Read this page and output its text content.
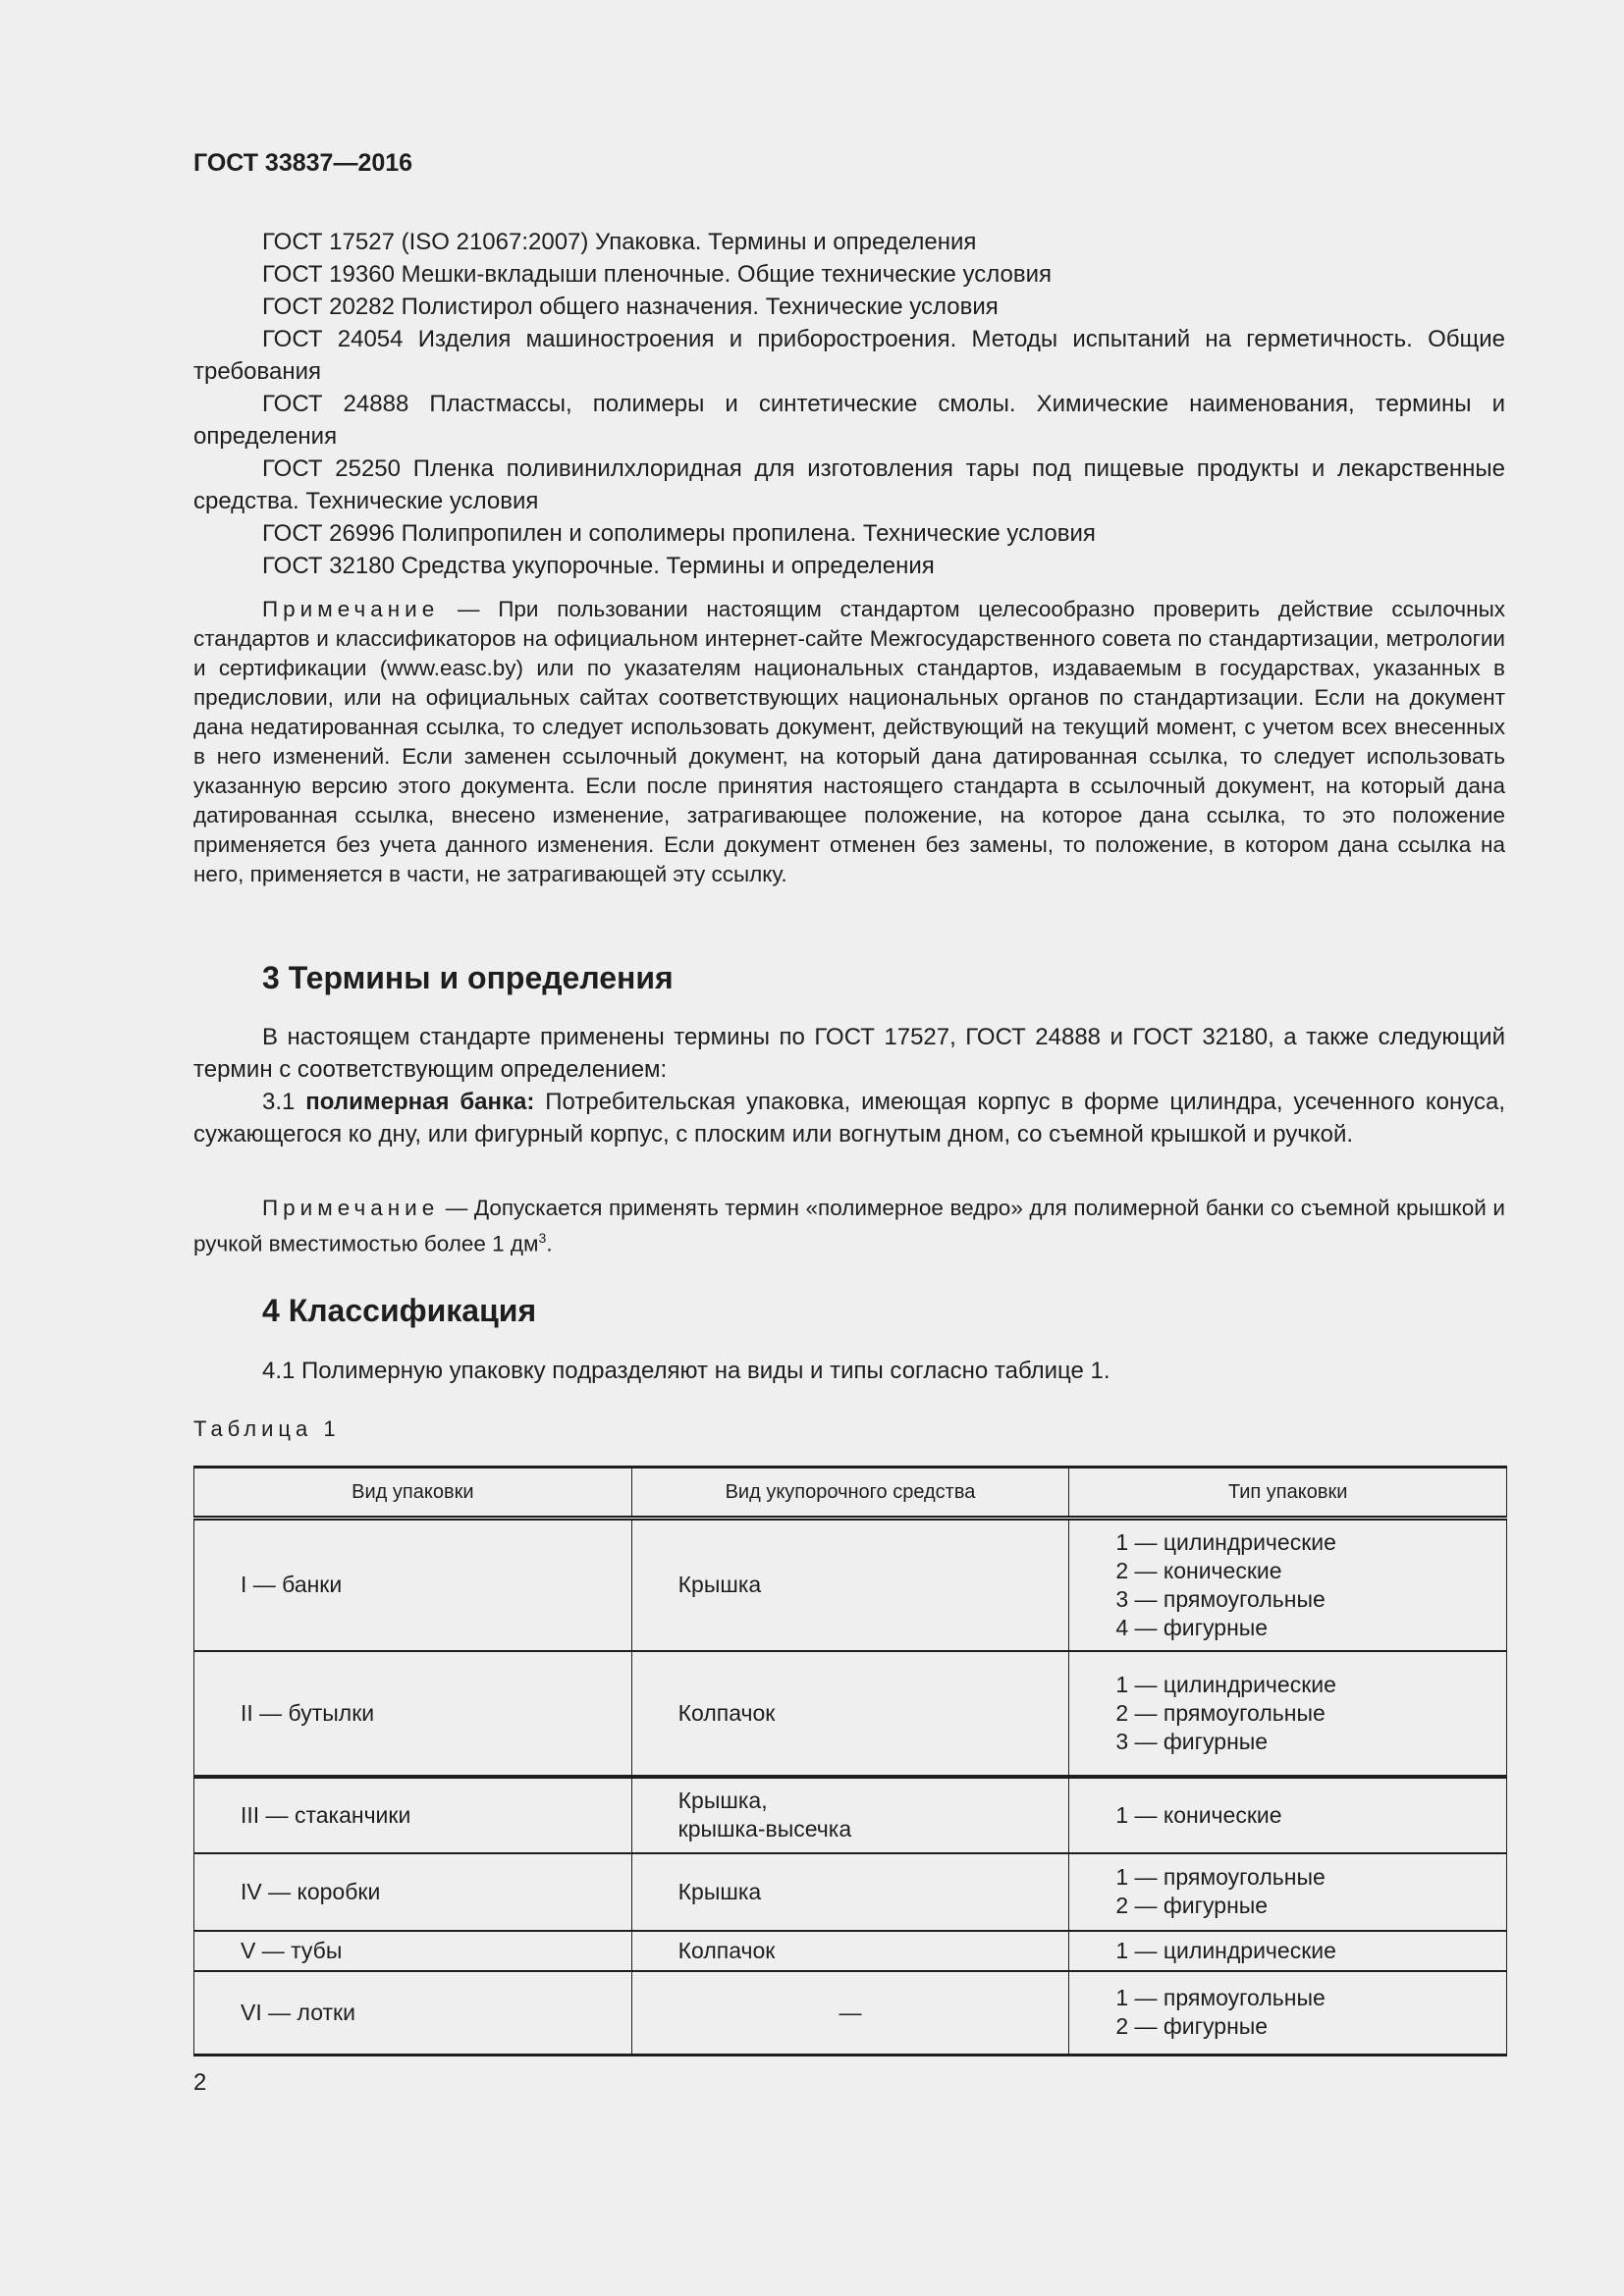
ГОСТ 33837—2016

ГОСТ 17527 (ISO 21067:2007) Упаковка. Термины и определения

ГОСТ 19360 Мешки-вкладыши пленочные. Общие технические условия

ГОСТ 20282 Полистирол общего назначения. Технические условия

ГОСТ 24054 Изделия машиностроения и приборостроения. Методы испытаний на герметичность. Общие требования

ГОСТ 24888 Пластмассы, полимеры и синтетические смолы. Химические наименования, термины и определения

ГОСТ 25250 Пленка поливинилхлоридная для изготовления тары под пищевые продукты и лекарственные средства. Технические условия

ГОСТ 26996 Полипропилен и сополимеры пропилена. Технические условия

ГОСТ 32180 Средства укупорочные. Термины и определения

Примечание — При пользовании настоящим стандартом целесообразно проверить действие ссылочных стандартов и классификаторов на официальном интернет-сайте Межгосударственного совета по стандартизации, метрологии и сертификации (www.easc.by) или по указателям национальных стандартов, издаваемым в государствах, указанных в предисловии, или на официальных сайтах соответствующих национальных органов по стандартизации. Если на документ дана недатированная ссылка, то следует использовать документ, действующий на текущий момент, с учетом всех внесенных в него изменений. Если заменен ссылочный документ, на который дана датированная ссылка, то следует использовать указанную версию этого документа. Если после принятия настоящего стандарта в ссылочный документ, на который дана датированная ссылка, внесено изменение, затрагивающее положение, на которое дана ссылка, то это положение применяется без учета данного изменения. Если документ отменен без замены, то положение, в котором дана ссылка на него, применяется в части, не затрагивающей эту ссылку.

3 Термины и определения

В настоящем стандарте применены термины по ГОСТ 17527, ГОСТ 24888 и ГОСТ 32180, а также следующий термин с соответствующим определением:

3.1 полимерная банка: Потребительская упаковка, имеющая корпус в форме цилиндра, усеченного конуса, сужающегося ко дну, или фигурный корпус, с плоским или вогнутым дном, со съемной крышкой и ручкой.

Примечание — Допускается применять термин «полимерное ведро» для полимерной банки со съемной крышкой и ручкой вместимостью более 1 $дм^3$.

4 Классификация

4.1 Полимерную упаковку подразделяют на виды и типы согласно таблице 1.

Таблица 1
Вид упаковки	Вид укупорочного средства	Тип упаковки
I — банки	Крышка	1 — цилиндрические
2 — конические
3 — прямоугольные
4 — фигурные

II — бутылки	Колпачок	1 — цилиндрические
2 — прямоугольные
3 — фигурные

III — стаканчики	Крышка,
крышка-высечка	1 — конические

IV — коробки	Крышка	1 — прямоугольные
2 — фигурные

V — тубы	Колпачок	1 — цилиндрические

VI — лотки	—	1 — прямоугольные
2 — фигурные
2
